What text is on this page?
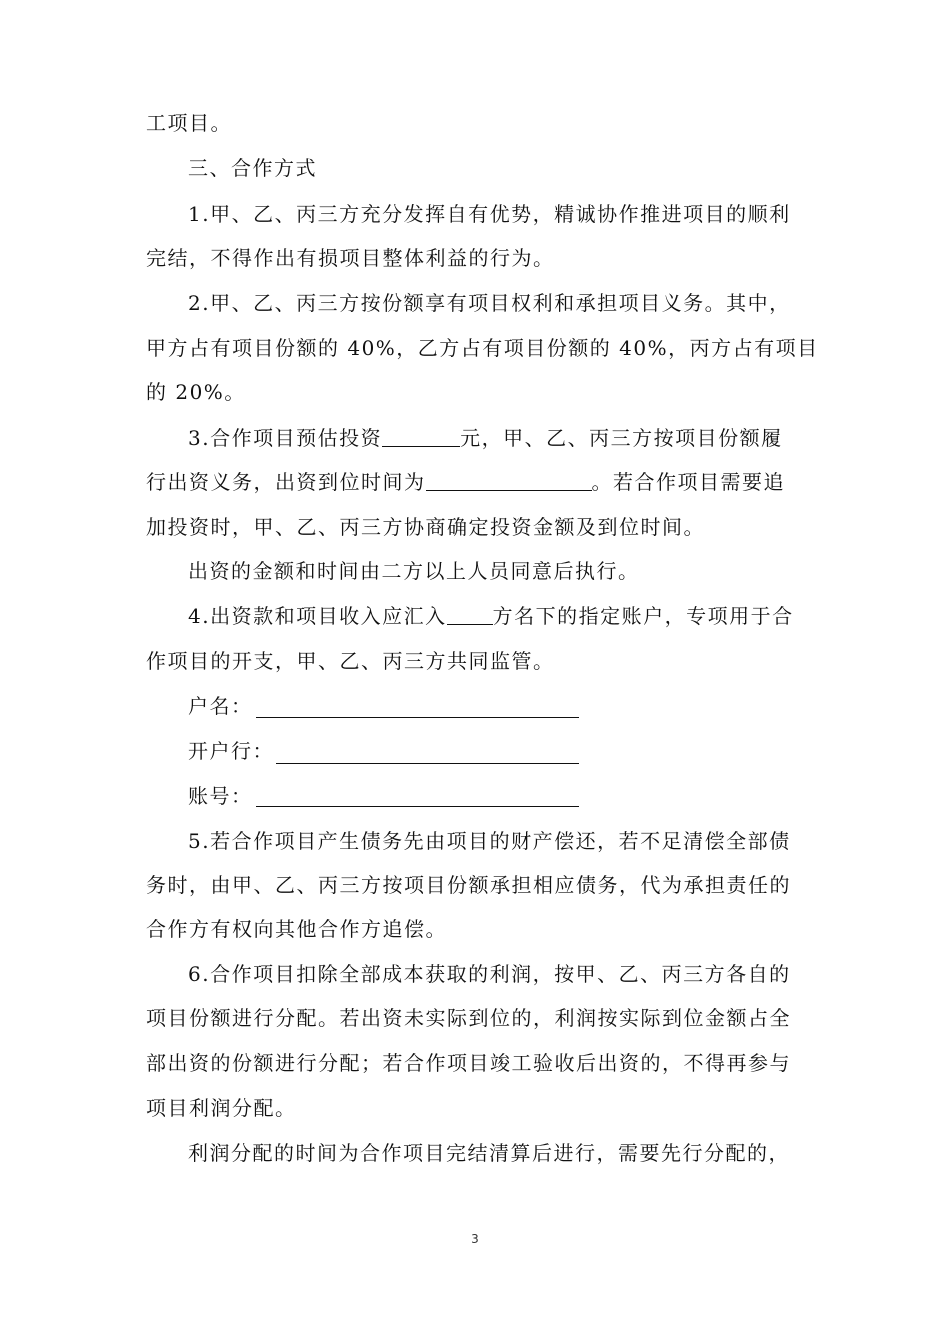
工项目。
三、合作方式
1.甲、乙、丙三方充分发挥自有优势，精诚协作推进项目的顺利
完结，不得作出有损项目整体利益的行为。
2.甲、乙、丙三方按份额享有项目权利和承担项目义务。其中，
甲方占有项目份额的 40%，乙方占有项目份额的 40%，丙方占有项目
的 20%。
3.合作项目预估投资	元，甲、乙、丙三方按项目份额履
行出资义务，出资到位时间为	。若合作项目需要追
加投资时，甲、乙、丙三方协商确定投资金额及到位时间。
出资的金额和时间由二方以上人员同意后执行。
4.出资款和项目收入应汇入 方名下的指定账户，专项用于合
作项目的开支，甲、乙、丙三方共同监管。
户名：
开户行：
账号：
5.若合作项目产生债务先由项目的财产偿还，若不足清偿全部债
务时，由甲、乙、丙三方按项目份额承担相应债务，代为承担责任的
合作方有权向其他合作方追偿。
6.合作项目扣除全部成本获取的利润，按甲、乙、丙三方各自的
项目份额进行分配。若出资未实际到位的，利润按实际到位金额占全
部出资的份额进行分配；若合作项目竣工验收后出资的，不得再参与
项目利润分配。
利润分配的时间为合作项目完结清算后进行，需要先行分配的，
3
